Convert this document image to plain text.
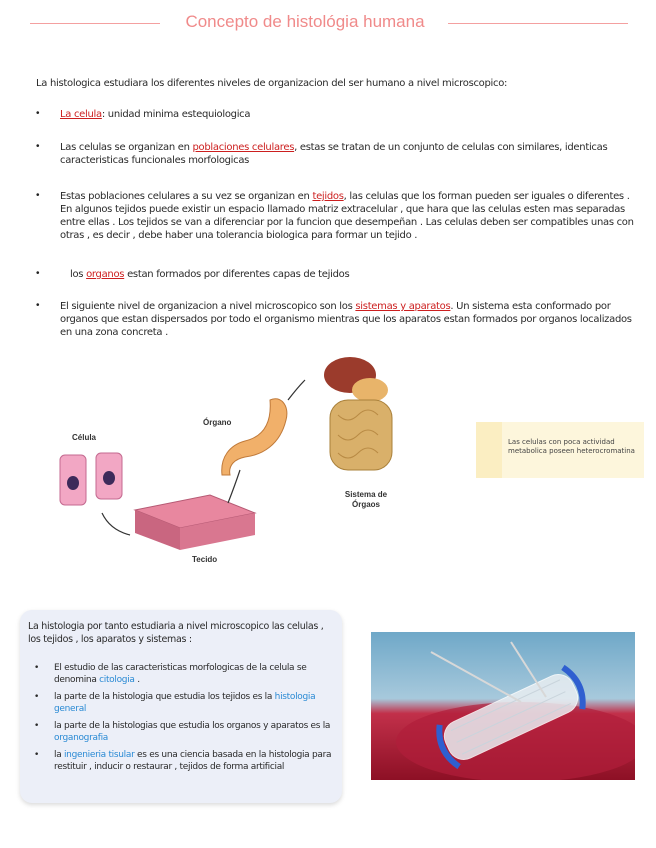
Concepto de histológia humana
La histologica estudiara los diferentes niveles de organizacion del ser humano a nivel microscopico:
• La celula: unidad minima estequiologica
• Las celulas se organizan en poblaciones celulares, estas se tratan de un conjunto de celulas con similares, identicas caracteristicas funcionales morfologicas
• Estas poblaciones celulares a su vez se organizan en tejidos, las celulas que los forman pueden ser iguales o diferentes . En algunos tejidos puede existir un espacio llamado matriz extracelular , que hara que las celulas esten mas separadas entre ellas . Los tejidos se van a diferenciar por la funcion que desempeñan . Las celulas deben ser compatibles unas con otras , es decir , debe haber una tolerancia biologica para formar un tejido .
•	los organos estan formados por diferentes capas de tejidos
• El siguiente nivel de organizacion a nivel microscopico son los sistemas y aparatos. Un sistema esta conformado por organos que estan dispersados por todo el organismo mientras que los aparatos estan formados por organos localizados en una zona concreta .
Célula
Órgano
Tecido
Sistema de Órgaos
Las celulas con poca actividad metabolica poseen heterocromatina
La histologia por tanto estudiaria a nivel microscopico las celulas , los tejidos , los aparatos y sistemas :
• El estudio de las caracteristicas morfologicas de la celula se denomina citologia .
• la parte de la histologia que estudia los tejidos es la histologia general
• la parte de la histologias que estudia los organos y aparatos es la organografia
• la ingenieria tisular es es una ciencia basada en la histologia para restituir , inducir o restaurar , tejidos de forma artificial
